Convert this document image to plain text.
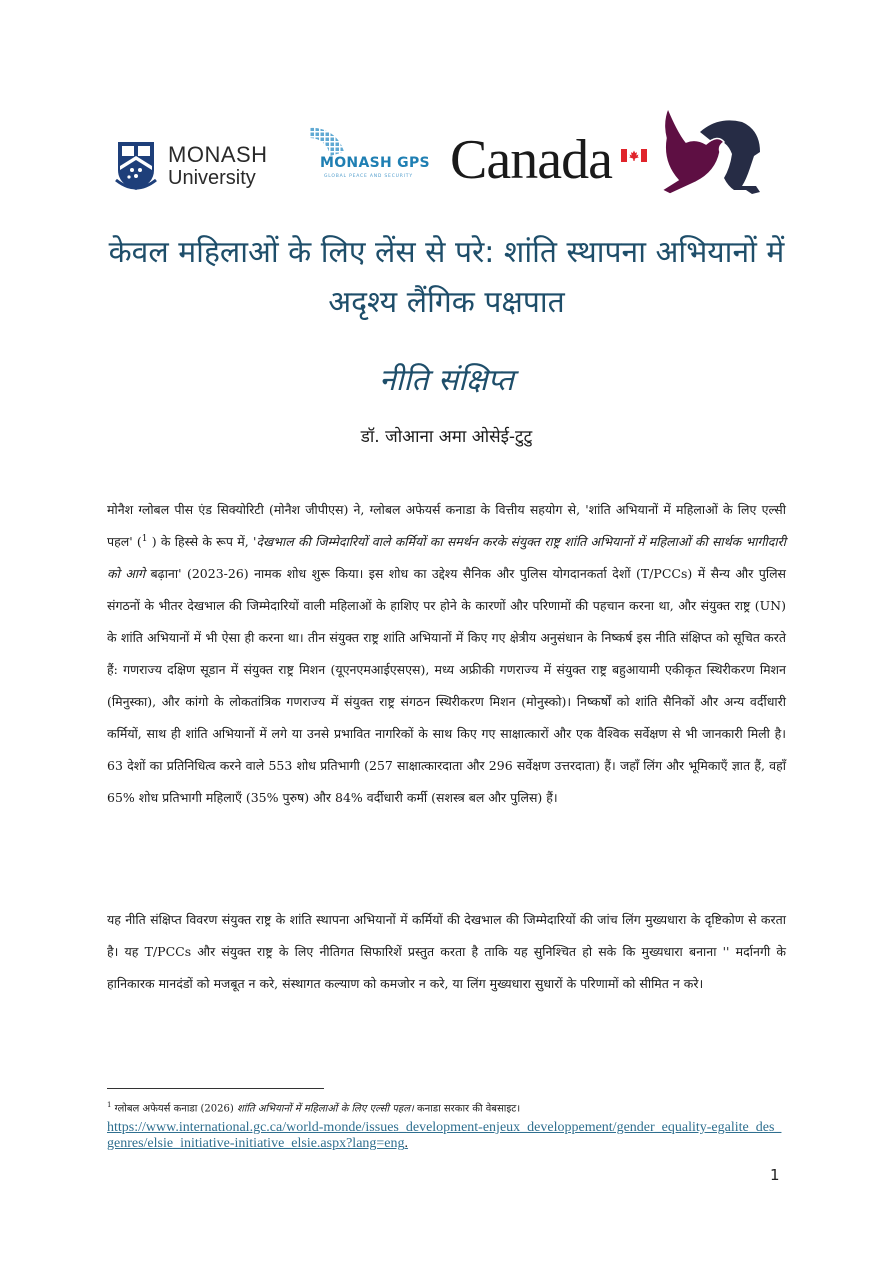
MONASH
University
MONASH GPS
GLOBAL PEACE AND SECURITY Canada
केवल महिलाओं के लिए लेंस से परे: शांति स्थापना अभियानों में अदृश्य लैंगिक पक्षपात
नीति संक्षिप्त
डॉ. जोआना अमा ओसेई-टुटु

मोनैश ग्लोबल पीस एंड सिक्योरिटी (मोनैश जीपीएस) ने, ग्लोबल अफेयर्स कनाडा के वित्तीय सहयोग से, 'शांति अभियानों में महिलाओं के लिए एल्सी पहल' ($^1$ ) के हिस्से के रूप में, 'देखभाल की जिम्मेदारियों वाले कर्मियों का समर्थन करके संयुक्त राष्ट्र शांति अभियानों में महिलाओं की सार्थक भागीदारी को आगे बढ़ाना' (2023-26) नामक शोध शुरू किया। इस शोध का उद्देश्य सैनिक और पुलिस योगदानकर्ता देशों (T/PCCs) में सैन्य और पुलिस संगठनों के भीतर देखभाल की जिम्मेदारियों वाली महिलाओं के हाशिए पर होने के कारणों और परिणामों की पहचान करना था, और संयुक्त राष्ट्र (UN) के शांति अभियानों में भी ऐसा ही करना था। तीन संयुक्त राष्ट्र शांति अभियानों में किए गए क्षेत्रीय अनुसंधान के निष्कर्ष इस नीति संक्षिप्त को सूचित करते हैं: गणराज्य दक्षिण सूडान में संयुक्त राष्ट्र मिशन (यूएनएमआईएसएस), मध्य अफ्रीकी गणराज्य में संयुक्त राष्ट्र बहुआयामी एकीकृत स्थिरीकरण मिशन (मिनुस्का), और कांगो के लोकतांत्रिक गणराज्य में संयुक्त राष्ट्र संगठन स्थिरीकरण मिशन (मोनुस्को)। निष्कर्षों को शांति सैनिकों और अन्य वर्दीधारी कर्मियों, साथ ही शांति अभियानों में लगे या उनसे प्रभावित नागरिकों के साथ किए गए साक्षात्कारों और एक वैश्विक सर्वेक्षण से भी जानकारी मिली है। 63 देशों का प्रतिनिधित्व करने वाले 553 शोध प्रतिभागी (257 साक्षात्कारदाता और 296 सर्वेक्षण उत्तरदाता) हैं। जहाँ लिंग और भूमिकाएँ ज्ञात हैं, वहाँ 65% शोध प्रतिभागी महिलाएँ (35% पुरुष) और 84% वर्दीधारी कर्मी (सशस्त्र बल और पुलिस) हैं।

यह नीति संक्षिप्त विवरण संयुक्त राष्ट्र के शांति स्थापना अभियानों में कर्मियों की देखभाल की जिम्मेदारियों की जांच लिंग मुख्यधारा के दृष्टिकोण से करता है। यह T/PCCs और संयुक्त राष्ट्र के लिए नीतिगत सिफारिशें प्रस्तुत करता है ताकि यह सुनिश्चित हो सके कि मुख्यधारा बनाना '' मर्दानगी के हानिकारक मानदंडों को मजबूत न करे, संस्थागत कल्याण को कमजोर न करे, या लिंग मुख्यधारा सुधारों के परिणामों को सीमित न करे।

$^1$ ग्लोबल अफेयर्स कनाडा (2026) शांति अभियानों में महिलाओं के लिए एल्सी पहल। कनाडा सरकार की वेबसाइट।
https://www.international.gc.ca/world-monde/issues_development-enjeux_developpement/gender_equality-egalite_des_genres/elsie_initiative-initiative_elsie.aspx?lang=eng.
1
